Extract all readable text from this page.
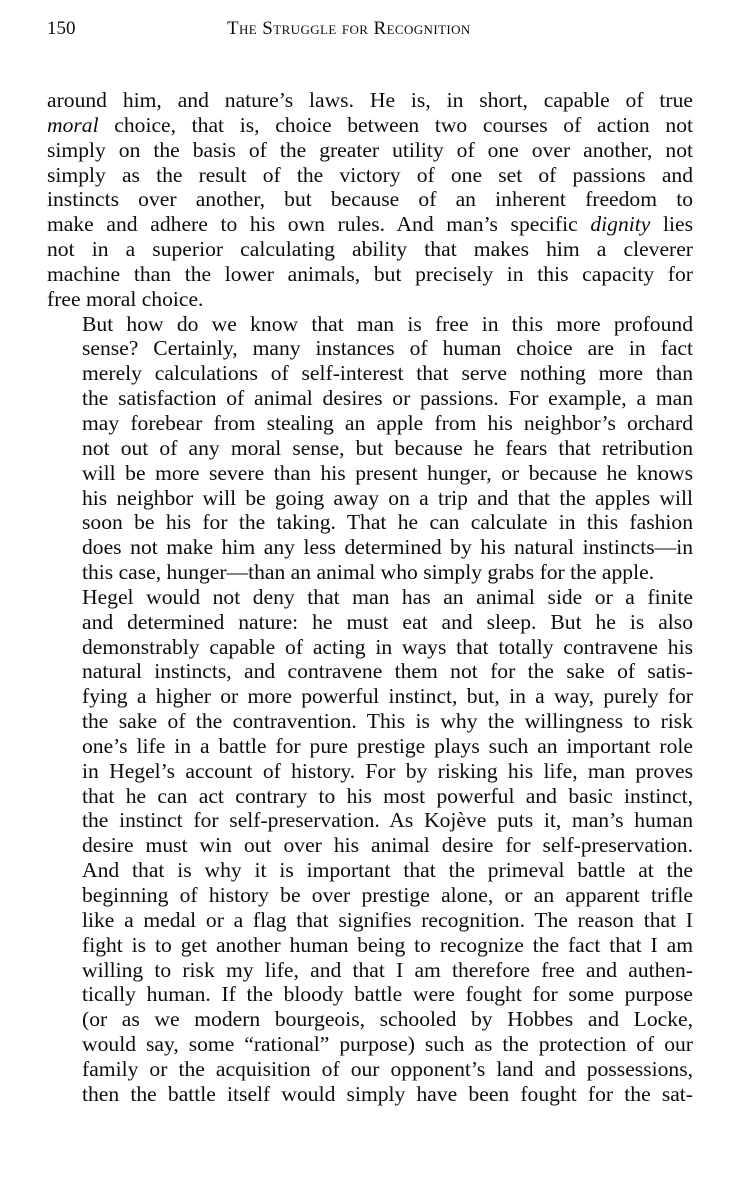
150	The Struggle for Recognition
around him, and nature’s laws. He is, in short, capable of true
moral choice, that is, choice between two courses of action not
simply on the basis of the greater utility of one over another, not
simply as the result of the victory of one set of passions and
instincts over another, but because of an inherent freedom to
make and adhere to his own rules. And man’s specific dignity lies
not in a superior calculating ability that makes him a cleverer
machine than the lower animals, but precisely in this capacity for
free moral choice.
But how do we know that man is free in this more profound
sense? Certainly, many instances of human choice are in fact
merely calculations of self-interest that serve nothing more than
the satisfaction of animal desires or passions. For example, a man
may forebear from stealing an apple from his neighbor’s orchard
not out of any moral sense, but because he fears that retribution
will be more severe than his present hunger, or because he knows
his neighbor will be going away on a trip and that the apples will
soon be his for the taking. That he can calculate in this fashion
does not make him any less determined by his natural instincts—in
this case, hunger—than an animal who simply grabs for the apple.
Hegel would not deny that man has an animal side or a finite
and determined nature: he must eat and sleep. But he is also
demonstrably capable of acting in ways that totally contravene his
natural instincts, and contravene them not for the sake of satis-
fying a higher or more powerful instinct, but, in a way, purely for
the sake of the contravention. This is why the willingness to risk
one’s life in a battle for pure prestige plays such an important role
in Hegel’s account of history. For by risking his life, man proves
that he can act contrary to his most powerful and basic instinct,
the instinct for self-preservation. As Kojève puts it, man’s human
desire must win out over his animal desire for self-preservation.
And that is why it is important that the primeval battle at the
beginning of history be over prestige alone, or an apparent trifle
like a medal or a flag that signifies recognition. The reason that I
fight is to get another human being to recognize the fact that I am
willing to risk my life, and that I am therefore free and authen-
tically human. If the bloody battle were fought for some purpose
(or as we modern bourgeois, schooled by Hobbes and Locke,
would say, some “rational” purpose) such as the protection of our
family or the acquisition of our opponent’s land and possessions,
then the battle itself would simply have been fought for the sat-
